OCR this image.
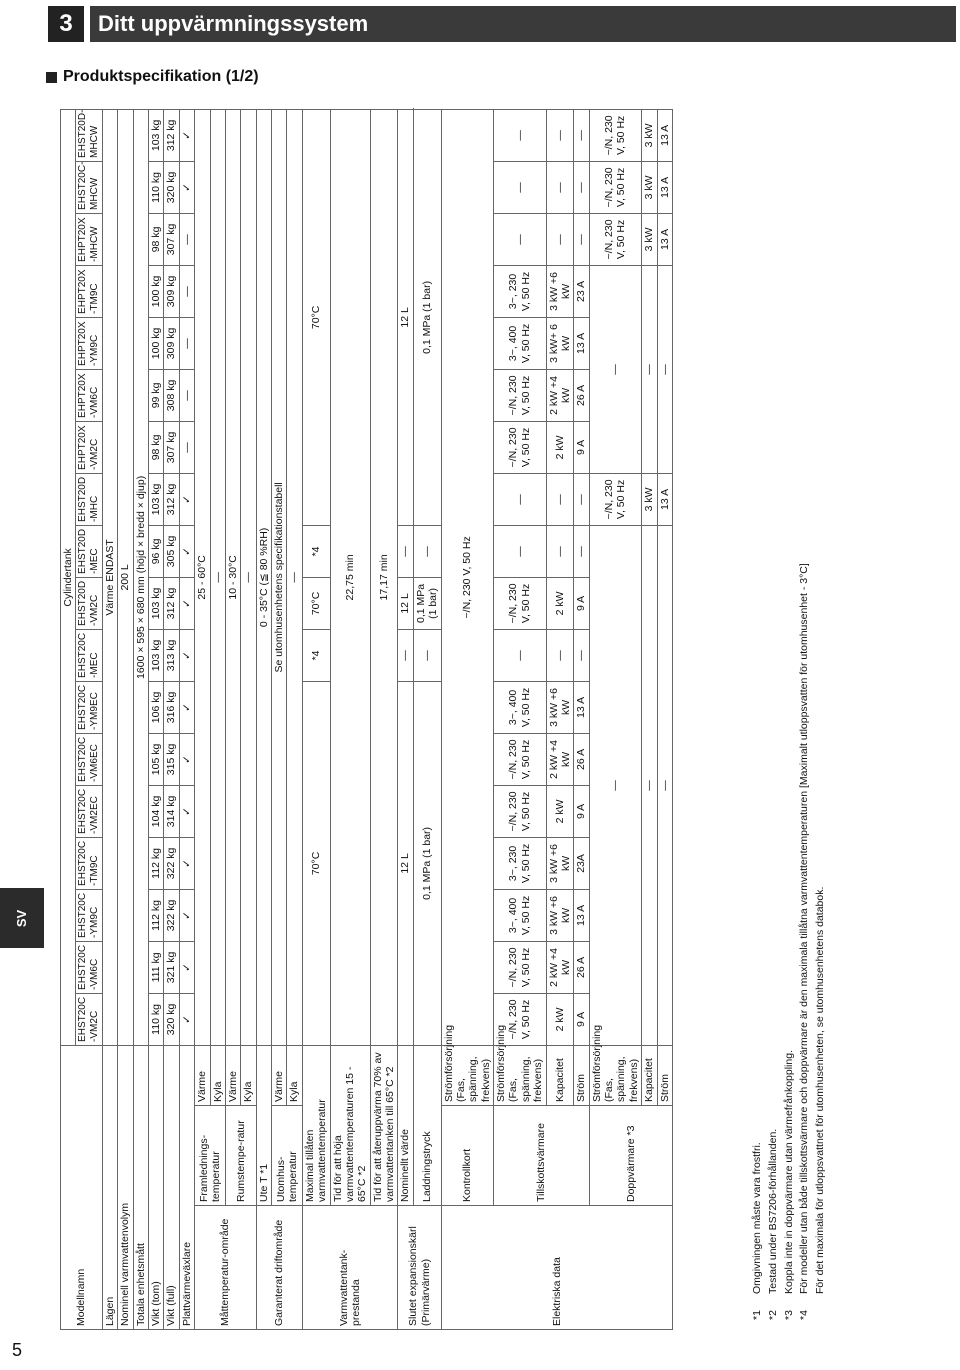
3	Ditt uppvärmningssystem
Produktspecifikation (1/2)
SV
5
Modellnamn			Cylindertank																	
			EHST20C -VM2C	EHST20C -VM6C	EHST20C -YM9C	EHST20C -TM9C	EHST20C -VM2EC	EHST20C -VM6EC	EHST20C -YM9EC	EHST20C -MEC	EHST20D -VM2C	EHST20D -MEC	EHST20D -MHC	EHPT20X -VM2C	EHPT20X -VM6C	EHPT20X -YM9C	EHPT20X -TM9C	EHPT20X -MHCW	EHST20C- MHCW	EHST20D- MHCW
Lägen			Värme ENDAST																	
Nominell varmvattenvolym			200 L																	
Totala enhetsmått			1600 × 595 × 680 mm (höjd × bredd × djup)																	
Vikt (tom)			110 kg	111 kg	112 kg	112 kg	104 kg	105 kg	106 kg	103 kg	103 kg	96 kg	103 kg	98 kg	99 kg	100 kg	100 kg	98 kg	110 kg	103 kg
Vikt (full)			320 kg	321 kg	322 kg	322 kg	314 kg	315 kg	316 kg	313 kg	312 kg	305 kg	312 kg	307 kg	308 kg	309 kg	309 kg	307 kg	320 kg	312 kg
Plattvärmeväxlare			✓	✓	✓	✓	✓	✓	✓	✓	✓	✓	✓	—	—	—	—	—	✓	✓
Måttemperatur-område	Framlednings-temperatur	Värme	25 - 60°C																	
		Kyla	—																	
	Rumstempe-ratur	Värme	10 - 30°C																	
		Kyla	—																	
Garanterat driftområde	Ute T *1		0 - 35°C (≦ 80 %RH)																	
	Utomhus-temperatur	Värme	Se utomhusenhetens specifikationstabell																	
		Kyla	—																	
Varmvattentank-prestanda	Maximal tillåten varmvattentemperatur		70°C							*4	70°C	*4	70°C							
	Tid för att höja varmvattentemperaturen 15 - 65°C *2		22,75 min																	
	Tid för att återuppvärma 70% av varmvattentanken till 65°C *2		17,17 min																	
Slutet expansionskärl (Primärvärme)	Nominellt värde		12 L							—	12 L	—	12 L							
	Laddningstryck		0,1 MPa (1 bar)							—	0,1 MPa (1 bar)	—	0,1 MPa (1 bar)							
Elektriska data	Kontrollkort	Strömförsörjning (Fas, spänning, frekvens)	~/N, 230 V, 50 Hz																	
	Tillskottsvärmare	Strömförsörjning (Fas, spänning, frekvens)	~/N, 230 V, 50 Hz	~/N, 230 V, 50 Hz	3~, 400 V, 50 Hz	3~, 230 V, 50 Hz	~/N, 230 V, 50 Hz	~/N, 230 V, 50 Hz	3~, 400 V, 50 Hz	—	~/N, 230 V, 50 Hz	—	—	~/N, 230 V, 50 Hz	~/N, 230 V, 50 Hz	3~, 400 V, 50 Hz	3~, 230 V, 50 Hz	—	—	—
		Kapacitet	2 kW	2 kW +4 kW	3 kW +6 kW	3 kW +6 kW	2 kW	2 kW +4 kW	3 kW +6 kW	—	2 kW	—	—	2 kW	2 kW +4 kW	3 kW+ 6 kW	3 kW +6 kW	—	—	—
		Ström	9 A	26 A	13 A	23A	9 A	26 A	13 A	—	9 A	—	—	9 A	26 A	13 A	23 A	—	—	—
	Doppvärmare *3	Strömförsörjning (Fas, spänning, frekvens)	—										~/N, 230 V, 50 Hz	—				~/N, 230 V, 50 Hz	~/N, 230 V, 50 Hz	~/N, 230 V, 50 Hz
		Kapacitet	—										3 kW	—				3 kW	3 kW	3 kW
		Ström	—										13 A	—				13 A	13 A	13 A
*1
Omgivningen måste vara frostfri.
*2
Testad under BS7206-förhållanden.
*3
Koppla inte in doppvärmare utan värmefrånkoppling.
*4
För modeller utan både tillskottsvärmare och doppvärmare är den maximala tillåtna varmvattentemperaturen [Maximalt utloppsvatten för utomhusenhet - 3°C] För det maximala för utloppsvattnet för utomhusenheten, se utomhusenhetens databok.
